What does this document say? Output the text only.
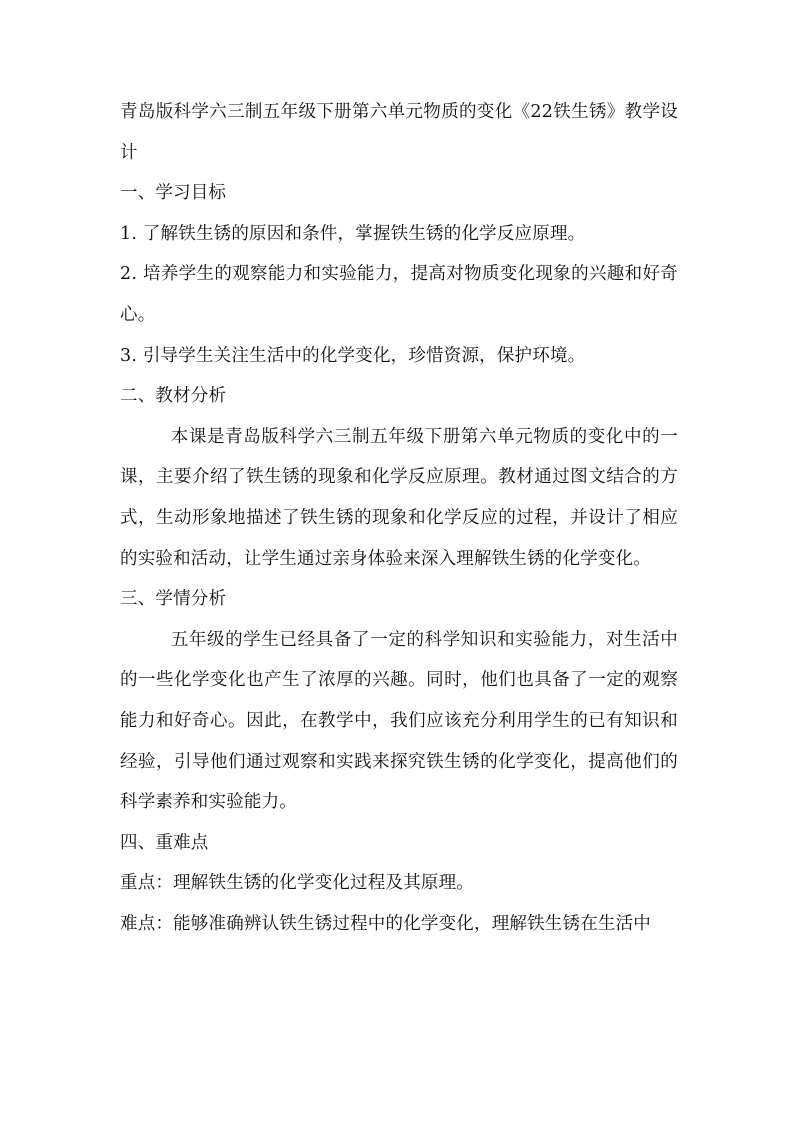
青岛版科学六三制五年级下册第六单元物质的变化《22铁生锈》教学设计

一、学习目标

1. 了解铁生锈的原因和条件，掌握铁生锈的化学反应原理。

2. 培养学生的观察能力和实验能力，提高对物质变化现象的兴趣和好奇心。

3. 引导学生关注生活中的化学变化，珍惜资源，保护环境。

二、教材分析

本课是青岛版科学六三制五年级下册第六单元物质的变化中的一课，主要介绍了铁生锈的现象和化学反应原理。教材通过图文结合的方式，生动形象地描述了铁生锈的现象和化学反应的过程，并设计了相应的实验和活动，让学生通过亲身体验来深入理解铁生锈的化学变化。

三、学情分析

五年级的学生已经具备了一定的科学知识和实验能力，对生活中的一些化学变化也产生了浓厚的兴趣。同时，他们也具备了一定的观察能力和好奇心。因此，在教学中，我们应该充分利用学生的已有知识和经验，引导他们通过观察和实践来探究铁生锈的化学变化，提高他们的科学素养和实验能力。

四、重难点

重点：理解铁生锈的化学变化过程及其原理。

难点：能够准确辨认铁生锈过程中的化学变化，理解铁生锈在生活中
